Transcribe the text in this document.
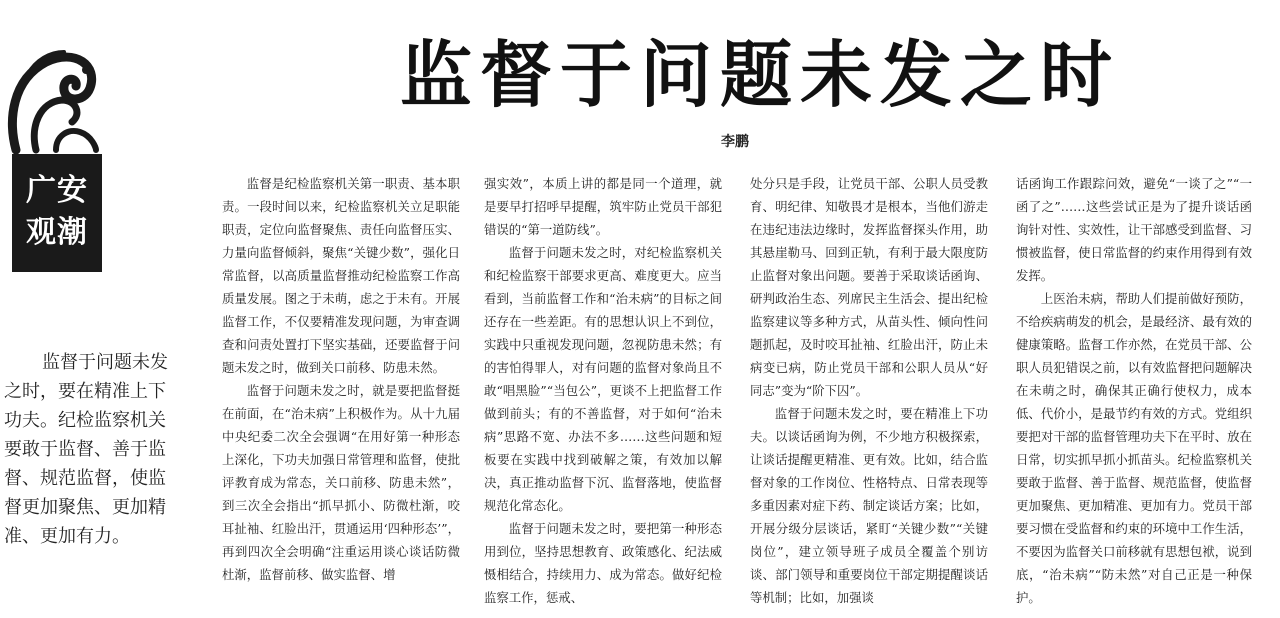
广安
观潮
监督于问题未发之时
李鹏

监督于问题未发之时，要在精准上下功夫。纪检监察机关要敢于监督、善于监督、规范监督，使监督更加聚焦、更加精准、更加有力。

监督是纪检监察机关第一职责、基本职责。一段时间以来，纪检监察机关立足职能职责，定位向监督聚焦、责任向监督压实、力量向监督倾斜，聚焦“关键少数”，强化日常监督，以高质量监督推动纪检监察工作高质量发展。图之于未萌，虑之于未有。开展监督工作，不仅要精准发现问题，为审查调查和问责处置打下坚实基础，还要监督于问题未发之时，做到关口前移、防患未然。

监督于问题未发之时，就是要把监督挺在前面，在“治未病”上积极作为。从十九届中央纪委二次全会强调“在用好第一种形态上深化，下功夫加强日常管理和监督，使批评教育成为常态，关口前移、防患未然”，到三次全会指出“抓早抓小、防微杜渐，咬耳扯袖、红脸出汗，贯通运用‘四种形态’”，再到四次全会明确“注重运用谈心谈话防微杜渐，监督前移、做实监督、增

强实效”，本质上讲的都是同一个道理，就是要早打招呼早提醒，筑牢防止党员干部犯错误的“第一道防线”。

监督于问题未发之时，对纪检监察机关和纪检监察干部要求更高、难度更大。应当看到，当前监督工作和“治未病”的目标之间还存在一些差距。有的思想认识上不到位，实践中只重视发现问题，忽视防患未然；有的害怕得罪人，对有问题的监督对象尚且不敢“唱黑脸”“当包公”，更谈不上把监督工作做到前头；有的不善监督，对于如何“治未病”思路不宽、办法不多……这些问题和短板要在实践中找到破解之策，有效加以解决，真正推动监督下沉、监督落地，使监督规范化常态化。

监督于问题未发之时，要把第一种形态用到位，坚持思想教育、政策感化、纪法威慑相结合，持续用力、成为常态。做好纪检监察工作，惩戒、

处分只是手段，让党员干部、公职人员受教育、明纪律、知敬畏才是根本，当他们游走在违纪违法边缘时，发挥监督探头作用，助其悬崖勒马、回到正轨，有利于最大限度防止监督对象出问题。要善于采取谈话函询、研判政治生态、列席民主生活会、提出纪检监察建议等多种方式，从苗头性、倾向性问题抓起，及时咬耳扯袖、红脸出汗，防止未病变已病，防止党员干部和公职人员从“好同志”变为“阶下囚”。

监督于问题未发之时，要在精准上下功夫。以谈话函询为例，不少地方积极探索，让谈话提醒更精准、更有效。比如，结合监督对象的工作岗位、性格特点、日常表现等多重因素对症下药、制定谈话方案；比如，开展分级分层谈话，紧盯“关键少数”“关键岗位”，建立领导班子成员全覆盖个别访谈、部门领导和重要岗位干部定期提醒谈话等机制；比如，加强谈

话函询工作跟踪问效，避免“一谈了之”“一函了之”……这些尝试正是为了提升谈话函询针对性、实效性，让干部感受到监督、习惯被监督，使日常监督的约束作用得到有效发挥。

上医治未病，帮助人们提前做好预防，不给疾病萌发的机会，是最经济、最有效的健康策略。监督工作亦然，在党员干部、公职人员犯错误之前，以有效监督把问题解决在未萌之时，确保其正确行使权力，成本低、代价小，是最节约有效的方式。党组织要把对干部的监督管理功夫下在平时、放在日常，切实抓早抓小抓苗头。纪检监察机关要敢于监督、善于监督、规范监督，使监督更加聚焦、更加精准、更加有力。党员干部要习惯在受监督和约束的环境中工作生活，不要因为监督关口前移就有思想包袱，说到底，“治未病”“防未然”对自己正是一种保护。
